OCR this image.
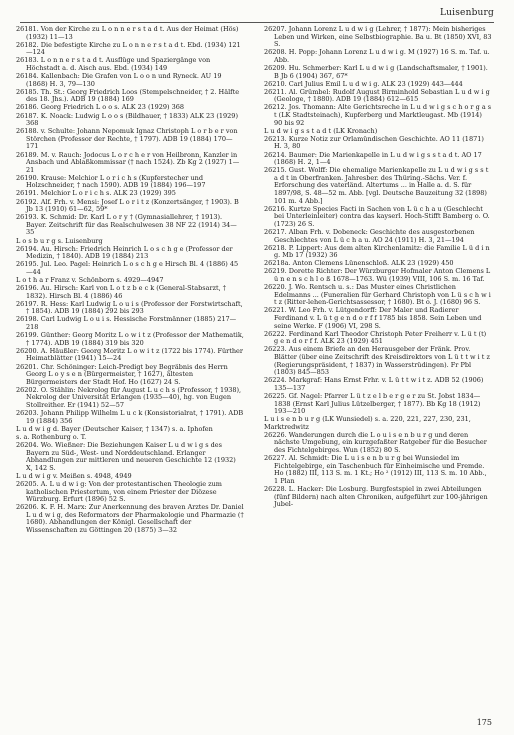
Luisenburg

26181. Von der Kirche zu L o n n e r s t a d t. Aus der Heimat (Hös) (1932) 11—13

26182. Die befestigte Kirche zu L o n n e r s t a d t. Ebd. (1934) 121—124

26183. L o n n e r s t a d t. Ausflüge und Spaziergänge von Höchstadt a. d. Aisch aus. Ebd. (1934) 149

26184. Kallenbach: Die Grafen von L o o n und Ryneck. AU 19 (1868) H. 3, 79—130

26185. Th. St.: Georg Friedrich Loos (Stempelschneider, † 2. Hälfte des 18. Jhs.). ADB 19 (1884) 169

26186. Georg Friedrich L o o s. ALK 23 (1929) 368

26187. K. Noack: Ludwig L o o s (Bildhauer, † 1833) ALK 23 (1929) 368

26188. v. Schulte: Johann Nepomuk Ignaz Christoph L o r b e r von Störchen (Professor der Rechte, † 1797). ADB 19 (1884) 170—171

26189. M. v. Rauch: Jodocus L o r c h e r von Heilbronn, Kanzler in Ansbach und Ablaßkommissar († nach 1524). Zb Kg 2 (1927) 1—21

26190. Krause: Melchior L o r i c h s (Kupferstecher und Holzschneider, † nach 1590). ADB 19 (1884) 196—197

26191. Melchior L o r i c h s. ALK 23 (1929) 395

26192. Alf. Frh. v. Mensi: Josef L o r i t z (Konzertsänger, † 1903). B Jb 13 (1910) 61—62, 59*

26193. K. Schmid: Dr. Karl L o r y † (Gymnasiallehrer, † 1913). Bayer. Zeitschrift für das Realschulwesen 38 NF 22 (1914) 34—35

L o s b u r g s. Luisenburg

26194. Au. Hirsch: Friedrich Heinrich L o s c h g e (Professor der Medizin, † 1840). ADB 19 (1884) 213

26195. Jul. Leo. Pagel: Heinrich L o s c h g e Hirsch Bl. 4 (1886) 45—44

L o t h a r Franz v. Schönborn s. 4929—4947

26196. Au. Hirsch: Karl von L o t z b e c k (General-Stabsarzt, † 1832). Hirsch Bl. 4 (1886) 46

26197. R. Hess: Karl Ludwig L o u i s (Professor der Forstwirtschaft, † 1854). ADB 19 (1884) 292 bis 293

26198. Carl Ludwig L o u i s. Hessische Forstmänner (1885) 217—218

26199. Günther: Georg Moritz L o w i t z (Professor der Mathematik, † 1774). ADB 19 (1884) 319 bis 320

26200. A. Häußler: Georg Moritz L o w i t z (1722 bis 1774). Fürther Heimatblätter (1941) 15—24

26201. Chr. Schöninger: Leich-Predigt bey Begräbnis des Herrn Georg L o y s e n (Bürgermeister, † 1627), ältesten Bürgermeisters der Stadt Hof. Ho (1627) 24 S.

26202. O. Stählin: Nekrolog für August L u c h s (Professor, † 1938), Nekrolog der Universität Erlangen (1935—40), hg. von Eugen Stollreither. Er (1941) 52—57

26203. Johann Philipp Wilhelm L u c k (Konsistorialrat, † 1791). ADB 19 (1884) 356

L u d w i g d. Bayer (Deutscher Kaiser, † 1347) s. a. Iphofen

s. a. Rothenburg o. T.

26204. Wo. Wießner: Die Beziehungen Kaiser L u d w i g s des Bayern zu Süd-, West- und Norddeutschland. Erlanger Abhandlungen zur mittleren und neueren Geschichte 12 (1932) X, 142 S.

L u d w i g v. Meißen s. 4948, 4949

26205. A. L u d w i g: Von der protestantischen Theologie zum katholischen Priestertum, von einem Priester der Diözese Würzburg. Erfurt (1896) 52 S.

26206. K. F. H. Marx: Zur Anerkennung des braven Arztes Dr. Daniel L u d w i g, des Reformators der Pharmakologie und Pharmazie († 1680). Abhandlungen der Königl. Gesellschaft der Wissenschaften zu Göttingen 20 (1875) 3—32

26207. Johann Lorenz L u d w i g (Lehrer, † 1877): Mein bisheriges Leben und Wirken, eine Selbstbiographie. Ba u. Bt (1850) XVI, 83 S.

26208. H. Popp: Johann Lorenz L u d w i g. M (1927) 16 S. m. Taf. u. Abb.

26209. Hu. Schmerber: Karl L u d w i g (Landschaftsmaler, † 1901). B Jb 6 (1904) 367, 67*

26210. Carl Julius Emil L u d w i g. ALK 23 (1929) 443—444

26211. Al. Grümbel: Rudolf August Birminhold Sebastian L u d w i g (Geologe, † 1880). ADB 19 (1884) 612—615

26212. Jos. Thomann: Alte Gerichtsreche in L u d w i g s c h o r g a s t (LK Stadtsteinach), Kupferberg und Marktleugast. Mb (1914) 90 bis 92

L u d w i g s s t a d t (LK Kronach)

26213. Kurze Notiz zur Orlamündischen Geschichte. AO 11 (1871) H. 3, 80

26214. Baumer: Die Marienkapelle in L u d w i g s s t a d t. AO 17 (1868) H. 2, 1—4

26215. Gust. Wolff: Die ehemalige Marienkapelle zu L u d w i g s s t a d t in Oberfranken. Jahresber. des Thüring.-Sächs. Ver. f. Erforschung des vaterländ. Altertums ... in Halle a. d. S. für 1897/98, S. 48—52 m. Abb. [vgl. Deutsche Bauzeitung 32 (1898) 101 m. 4 Abb.]

26216. Kurtze Species Facti in Sachen von L ü c h a u (Geschlecht bei Unterleinleiter) contra das kayserl. Hoch-Stifft Bamberg o. O. (1723) 26 S.

26217. Alban Frh. v. Dobeneck: Geschichte des ausgestorbenen Geschlechtes von L ü c h a u. AO 24 (1911) H. 3, 21—194

26218. P. Lippert: Aus dem alten Kirchenlamitz: die Familie L ü d i n g. Mb 17 (1932) 36

26218a. Anton Clemens Lünenschloß. ALK 23 (1929) 450

26219. Dorette Richter: Der Würzburger Hofmaler Anton Clemens L ü n e n s c h l o ß 1678—1763. Wü (1939) VIII, 106 S. m. 16 Taf.

26220. J. Wo. Rentsch u. s.: Das Muster eines Christlichen Edelmanns ... (Funeralien für Gerhard Christoph von L ü s c h w i t z (Ritter-lehen-Gerichtsassessor, † 1680). Bt o. J. (1680) 96 S.

26221. W. Leo Frh. v. Lütgendorff: Der Maler und Radierer Ferdinand v. L ü t g e n d o r f f 1785 bis 1858. Sein Leben und seine Werke. F (1906) VI, 298 S.

26222. Ferdinand Karl Theodor Christoph Peter Freiherr v. L ü t (t) g e n d o r f f. ALK 23 (1929) 451

26223. Aus einem Briefe an den Herausgeber der Fränk. Prov. Blätter (über eine Zeitschrift des Kreisdirektors von L ü t t w i t z (Regierungspräsident, † 1837) in Wasserstrüdingen). Fr Pbl (1803) 845—853

26224. Markgraf: Hans Ernst Frhr. v. L ü t t w i t z. ADB 52 (1906) 135—137

26225. Gf. Nagel: Pfarrer L ü t z e l b e r g e r zu St. Jobst 1834—1838 (Ernst Karl Julius Lützelberger, † 1877). Bb Kg 18 (1912) 193—210

L u i s e n b u r g (LK Wunsiedel) s. a. 220, 221, 227, 230, 231, Marktredwitz

26226. Wanderungen durch die L o u i s e n b u r g und deren nächste Umgebung, ein kurzgefaßter Ratgeber für die Besucher des Fichtelgebirges. Wun (1852) 80 S.

26227. Al. Schmidt: Die L u i s e n b u r g bei Wunsiedel im Fichtelgebirge, ein Taschenbuch für Einheimische und Fremde. Ho (1882) III, 113 S. m. 1 Kt.; Ho ² (1912) III, 113 S. m. 10 Abb., 1 Plan

26228. L. Hacker: Die Losburg. Burgfestspiel in zwei Abteilungen (fünf Bildern) nach alten Chroniken, aufgeführt zur 100-jährigen Jubel-

175
